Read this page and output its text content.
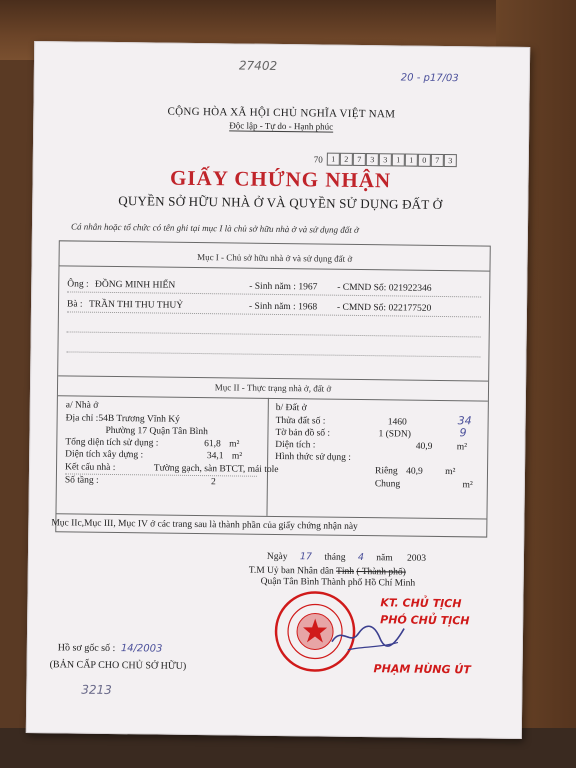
27402
20 - p17/03
CỘNG HÒA XÃ HỘI CHỦ NGHĨA VIỆT NAM
Độc lập - Tự do - Hạnh phúc
70	1	2	7	3	3	1	1	0	7	3
GIẤY CHỨNG NHẬN
QUYỀN SỞ HỮU NHÀ Ở VÀ QUYỀN SỬ DỤNG ĐẤT Ở
Cá nhân hoặc tổ chức có tên ghi tại mục I là chủ sở hữu nhà ở và sử dụng đất ở
Mục I - Chủ sở hữu nhà ở và sử dụng đất ở
Ông : ĐỒNG MINH HIỂN	- Sinh năm : 1967 - CMND Số: 021922346
Bà : TRẦN THI THU THUỶ	- Sinh năm : 1968 - CMND Số: 022177520
Mục II - Thực trạng nhà ở, đất ở
a/ Nhà ở
Địa chỉ :54B Trương Vĩnh Ký
Phường 17 Quận Tân Bình
Tổng diện tích sử dụng :	61,8 m²
Diện tích xây dựng :	34,1 m²
Kết cấu nhà :	Tường gạch, sàn BTCT, mái tole
Số tầng :	2
b/ Đất ở
Thửa đất số :	1460	34
Tờ bản đồ số :	1 (SDN)	9
Diện tích :	40,9	m²
Hình thức sử dụng :
Riêng 40,9 m²
Chung	m²
Mục IIc,Mục III, Mục IV ở các trang sau là thành phần của giấy chứng nhận này
Ngày 17 tháng 4 năm 2003
T.M Uỷ ban Nhân dân Tỉnh ( Thành phố)
Quận Tân Bình Thành phố Hồ Chí Minh
KT. CHỦ TỊCH
PHÓ CHỦ TỊCH
PHẠM HÙNG ÚT
Hồ sơ gốc số : 14/2003
(BẢN CẤP CHO CHỦ SỞ HỮU)
3213
